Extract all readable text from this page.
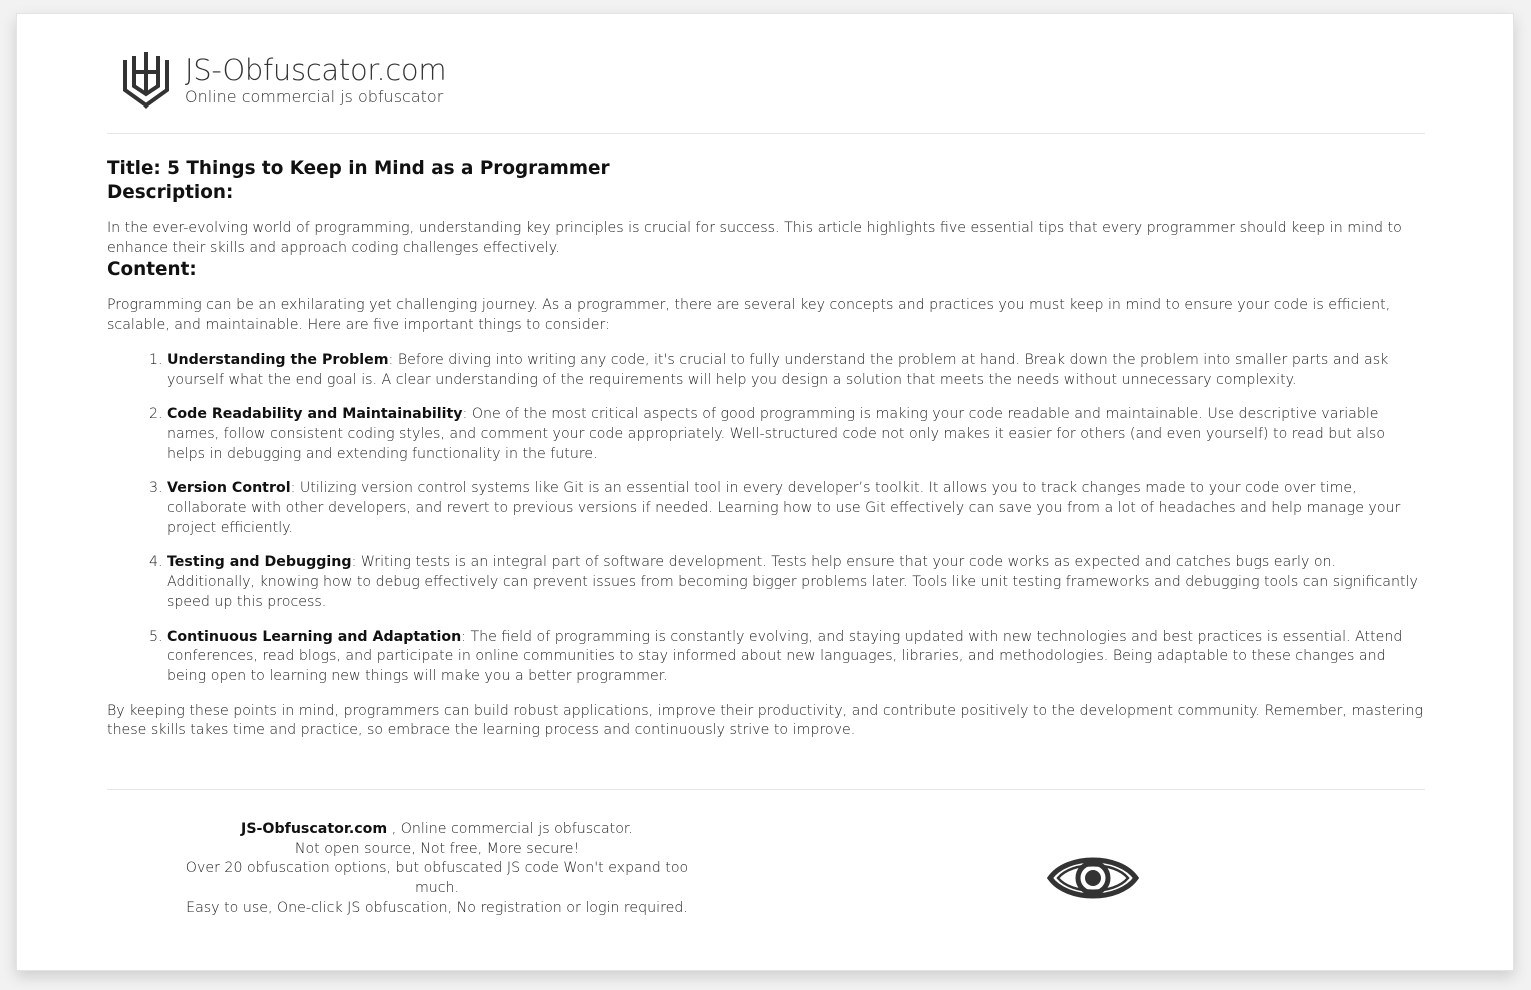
JS-Obfuscator.com
Online commercial js obfuscator
Title: 5 Things to Keep in Mind as a Programmer
Description:

In the ever-evolving world of programming, understanding key principles is crucial for success. This article highlights five essential tips that every programmer should keep in mind to enhance their skills and approach coding challenges effectively.

Content:

Programming can be an exhilarating yet challenging journey. As a programmer, there are several key concepts and practices you must keep in mind to ensure your code is efficient, scalable, and maintainable. Here are five important things to consider:

1. Understanding the Problem: Before diving into writing any code, it's crucial to fully understand the problem at hand. Break down the problem into smaller parts and ask yourself what the end goal is. A clear understanding of the requirements will help you design a solution that meets the needs without unnecessary complexity.
2. Code Readability and Maintainability: One of the most critical aspects of good programming is making your code readable and maintainable. Use descriptive variable names, follow consistent coding styles, and comment your code appropriately. Well-structured code not only makes it easier for others (and even yourself) to read but also helps in debugging and extending functionality in the future.
3. Version Control: Utilizing version control systems like Git is an essential tool in every developer’s toolkit. It allows you to track changes made to your code over time, collaborate with other developers, and revert to previous versions if needed. Learning how to use Git effectively can save you from a lot of headaches and help manage your project efficiently.
4. Testing and Debugging: Writing tests is an integral part of software development. Tests help ensure that your code works as expected and catches bugs early on. Additionally, knowing how to debug effectively can prevent issues from becoming bigger problems later. Tools like unit testing frameworks and debugging tools can significantly speed up this process.
5. Continuous Learning and Adaptation: The field of programming is constantly evolving, and staying updated with new technologies and best practices is essential. Attend conferences, read blogs, and participate in online communities to stay informed about new languages, libraries, and methodologies. Being adaptable to these changes and being open to learning new things will make you a better programmer.

By keeping these points in mind, programmers can build robust applications, improve their productivity, and contribute positively to the development community. Remember, mastering these skills takes time and practice, so embrace the learning process and continuously strive to improve.

JS-Obfuscator.com , Online commercial js obfuscator.
Not open source, Not free, More secure!
Over 20 obfuscation options, but obfuscated JS code Won't expand too much.
Easy to use, One-click JS obfuscation, No registration or login required.
